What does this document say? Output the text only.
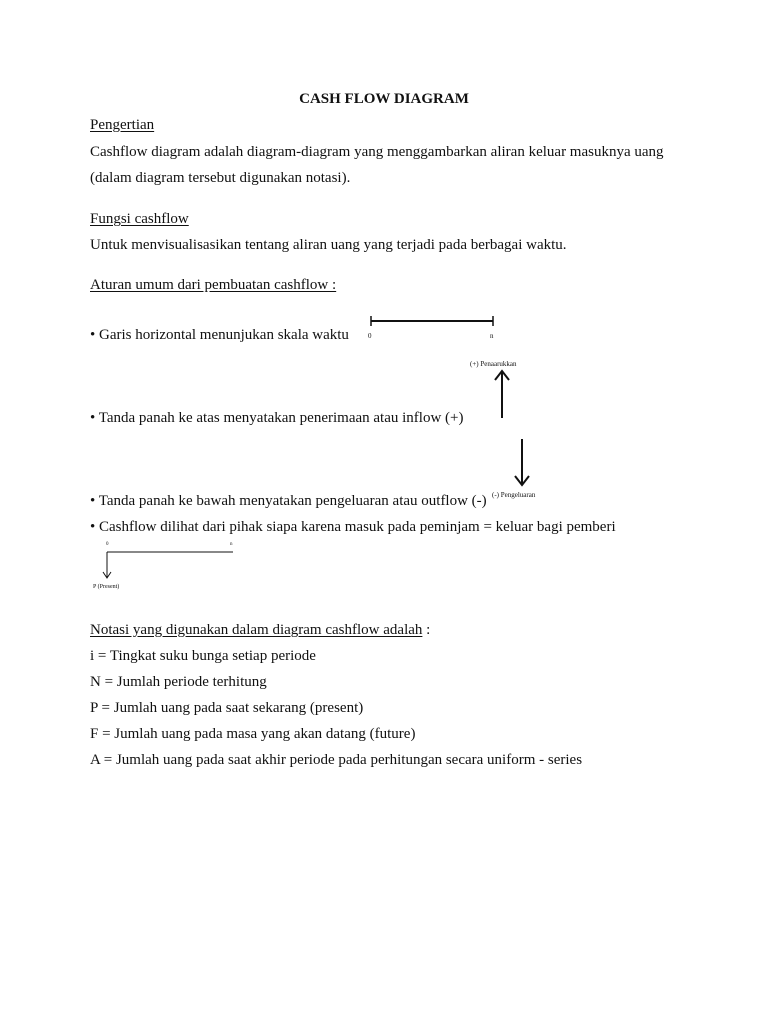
CASH FLOW DIAGRAM
Pengertian
Cashflow diagram adalah diagram-diagram yang menggambarkan aliran keluar masuknya uang
(dalam diagram tersebut digunakan notasi).
Fungsi cashflow
Untuk menvisualisasikan tentang aliran uang yang terjadi pada berbagai waktu.
Aturan umum dari pembuatan cashflow :
• Garis horizontal menunjukan skala waktu	0	n
(+) Penaarukkan
• Tanda panah ke atas menyatakan penerimaan atau inflow (+)
• Tanda panah ke bawah menyatakan pengeluaran atau outflow (-) (-) Pengeluaran
• Cashflow dilihat dari pihak siapa karena masuk pada peminjam = keluar bagi pemberi
0	n
P (Present)
Notasi yang digunakan dalam diagram cashflow adalah :
i = Tingkat suku bunga setiap periode
N = Jumlah periode terhitung
P = Jumlah uang pada saat sekarang (present)
F = Jumlah uang pada masa yang akan datang (future)
A = Jumlah uang pada saat akhir periode pada perhitungan secara uniform - series
